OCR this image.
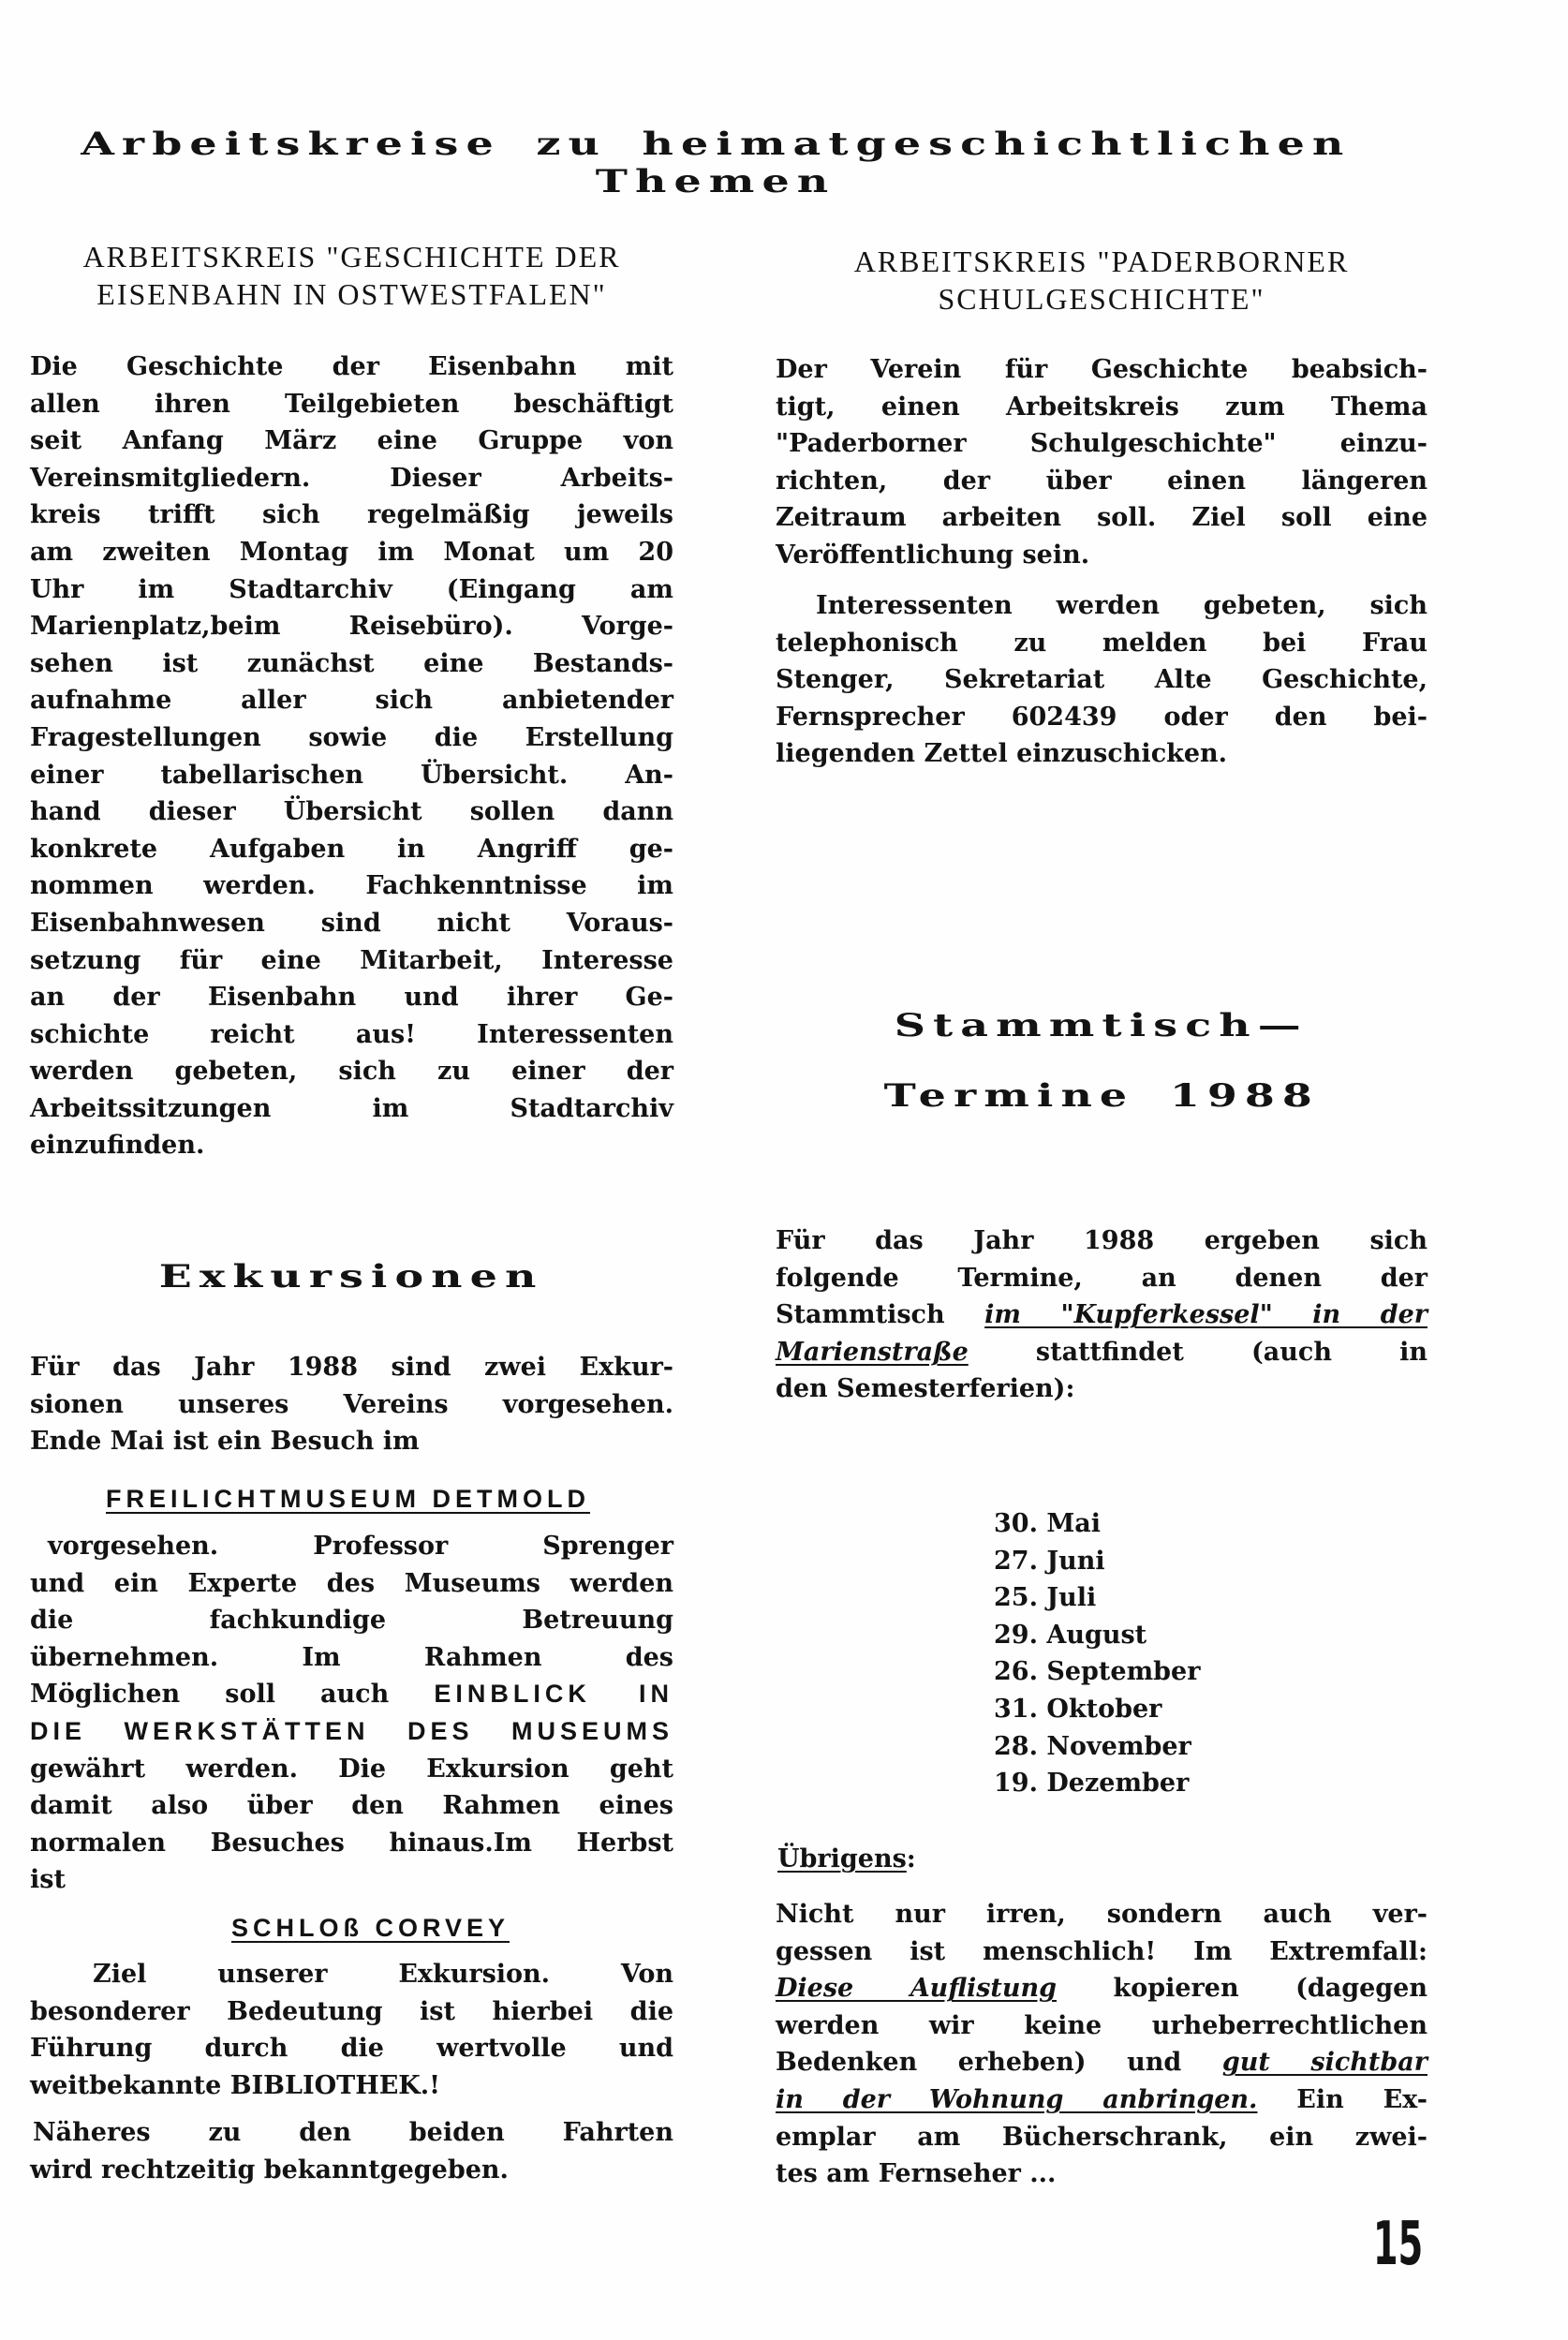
Arbeitskreise zu heimatgeschichtlichen
Themen
ARBEITSKREIS "GESCHICHTE DER
EISENBAHN IN OSTWESTFALEN"
Die Geschichte der Eisenbahn mit
allen ihren Teilgebieten beschäftigt
seit Anfang März eine Gruppe von
Vereinsmitgliedern. Dieser Arbeits-
kreis trifft sich regelmäßig jeweils
am zweiten Montag im Monat um 20
Uhr im Stadtarchiv (Eingang am
Marienplatz,beim Reisebüro). Vorge-
sehen ist zunächst eine Bestands-
aufnahme aller sich anbietender
Fragestellungen sowie die Erstellung
einer tabellarischen Übersicht. An-
hand dieser Übersicht sollen dann
konkrete Aufgaben in Angriff ge-
nommen werden. Fachkenntnisse im
Eisenbahnwesen sind nicht Voraus-
setzung für eine Mitarbeit, Interesse
an der Eisenbahn und ihrer Ge-
schichte reicht aus! Interessenten
werden gebeten, sich zu einer der
Arbeitssitzungen im Stadtarchiv
einzufinden.
ARBEITSKREIS "PADERBORNER
SCHULGESCHICHTE"
Der Verein für Geschichte beabsich-
tigt, einen Arbeitskreis zum Thema
"Paderborner Schulgeschichte" einzu-
richten, der über einen längeren
Zeitraum arbeiten soll. Ziel soll eine
Veröffentlichung sein.
Interessenten werden gebeten, sich
telephonisch zu melden bei Frau
Stenger, Sekretariat Alte Geschichte,
Fernsprecher 602439 oder den bei-
liegenden Zettel einzuschicken.
Stammtisch—
Termine 1988
Für das Jahr 1988 ergeben sich
folgende Termine, an denen der
Stammtisch im "Kupferkessel" in der
Marienstraße stattfindet (auch in
den Semesterferien):
30. Mai
27. Juni
25. Juli
29. August
26. September
31. Oktober
28. November
19. Dezember
Übrigens:
Nicht nur irren, sondern auch ver-
gessen ist menschlich! Im Extremfall:
Diese Auflistung kopieren (dagegen
werden wir keine urheberrechtlichen
Bedenken erheben) und gut sichtbar
in der Wohnung anbringen. Ein Ex-
emplar am Bücherschrank, ein zwei-
tes am Fernseher ...
Exkursionen
Für das Jahr 1988 sind zwei Exkur-
sionen unseres Vereins vorgesehen.
Ende Mai ist ein Besuch im
FREILICHTMUSEUM DETMOLD
vorgesehen. Professor Sprenger
und ein Experte des Museums werden
die fachkundige Betreuung
übernehmen. Im Rahmen des
Möglichen soll auch EINBLICK IN
DIE WERKSTÄTTEN DES MUSEUMS
gewährt werden. Die Exkursion geht
damit also über den Rahmen eines
normalen Besuches hinaus.Im Herbst
ist
SCHLOß CORVEY
Ziel unserer Exkursion. Von
besonderer Bedeutung ist hierbei die
Führung durch die wertvolle und
weitbekannte BIBLIOTHEK.!
Näheres zu den beiden Fahrten
wird rechtzeitig bekanntgegeben.
15
